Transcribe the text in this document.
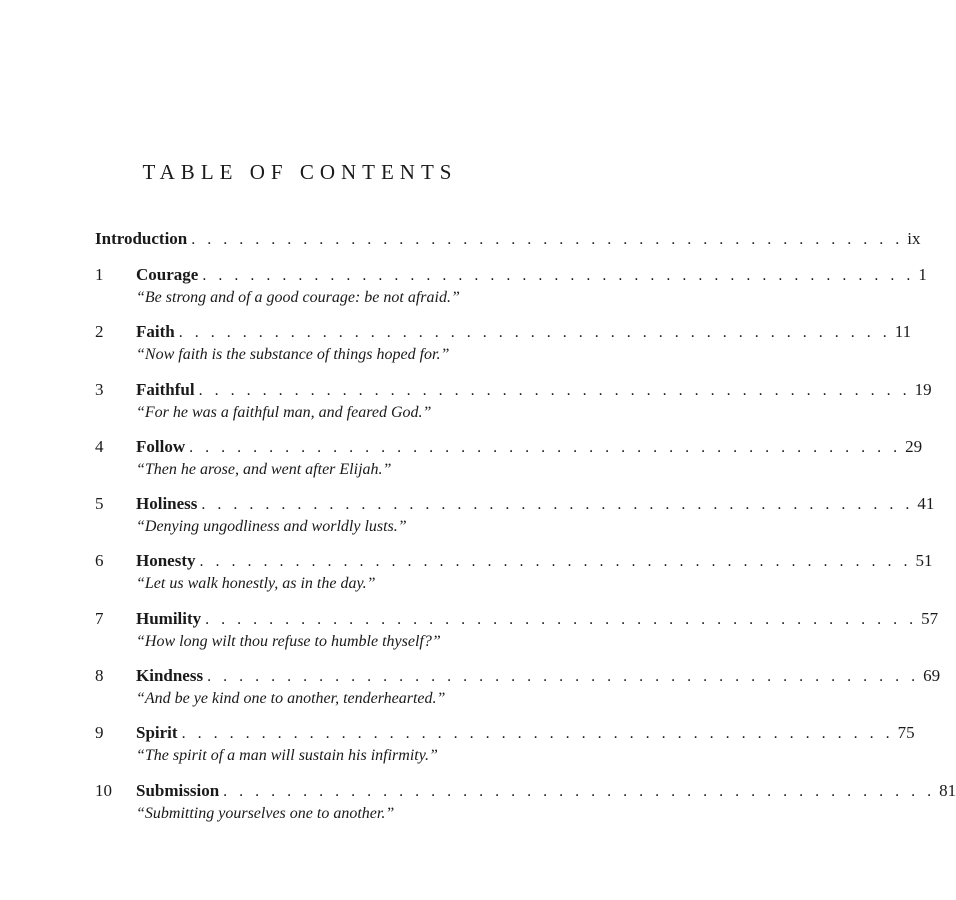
TABLE OF CONTENTS
Introduction . . . . . . . . . . . . . . . . . . . . . . . . . . . . . . . . . . . . . . . . . . . . . ix
1	Courage . . . . . . . . . . . . . . . . . . . . . . . . . . . . . . . . . . . . . . . . . . . . . 1
“Be strong and of a good courage: be not afraid.”
2	Faith . . . . . . . . . . . . . . . . . . . . . . . . . . . . . . . . . . . . . . . . . . . . . 11
“Now faith is the substance of things hoped for.”
3	Faithful . . . . . . . . . . . . . . . . . . . . . . . . . . . . . . . . . . . . . . . . . . . . . 19
“For he was a faithful man, and feared God.”
4	Follow . . . . . . . . . . . . . . . . . . . . . . . . . . . . . . . . . . . . . . . . . . . . . 29
“Then he arose, and went after Elijah.”
5	Holiness . . . . . . . . . . . . . . . . . . . . . . . . . . . . . . . . . . . . . . . . . . . . . 41
“Denying ungodliness and worldly lusts.”
6	Honesty . . . . . . . . . . . . . . . . . . . . . . . . . . . . . . . . . . . . . . . . . . . . . 51
“Let us walk honestly, as in the day.”
7	Humility . . . . . . . . . . . . . . . . . . . . . . . . . . . . . . . . . . . . . . . . . . . . . 57
“How long wilt thou refuse to humble thyself?”
8	Kindness . . . . . . . . . . . . . . . . . . . . . . . . . . . . . . . . . . . . . . . . . . . . . 69
“And be ye kind one to another, tenderhearted.”
9	Spirit . . . . . . . . . . . . . . . . . . . . . . . . . . . . . . . . . . . . . . . . . . . . . 75
“The spirit of a man will sustain his infirmity.”
10	Submission . . . . . . . . . . . . . . . . . . . . . . . . . . . . . . . . . . . . . . . . . . . . . 81
“Submitting yourselves one to another.”
